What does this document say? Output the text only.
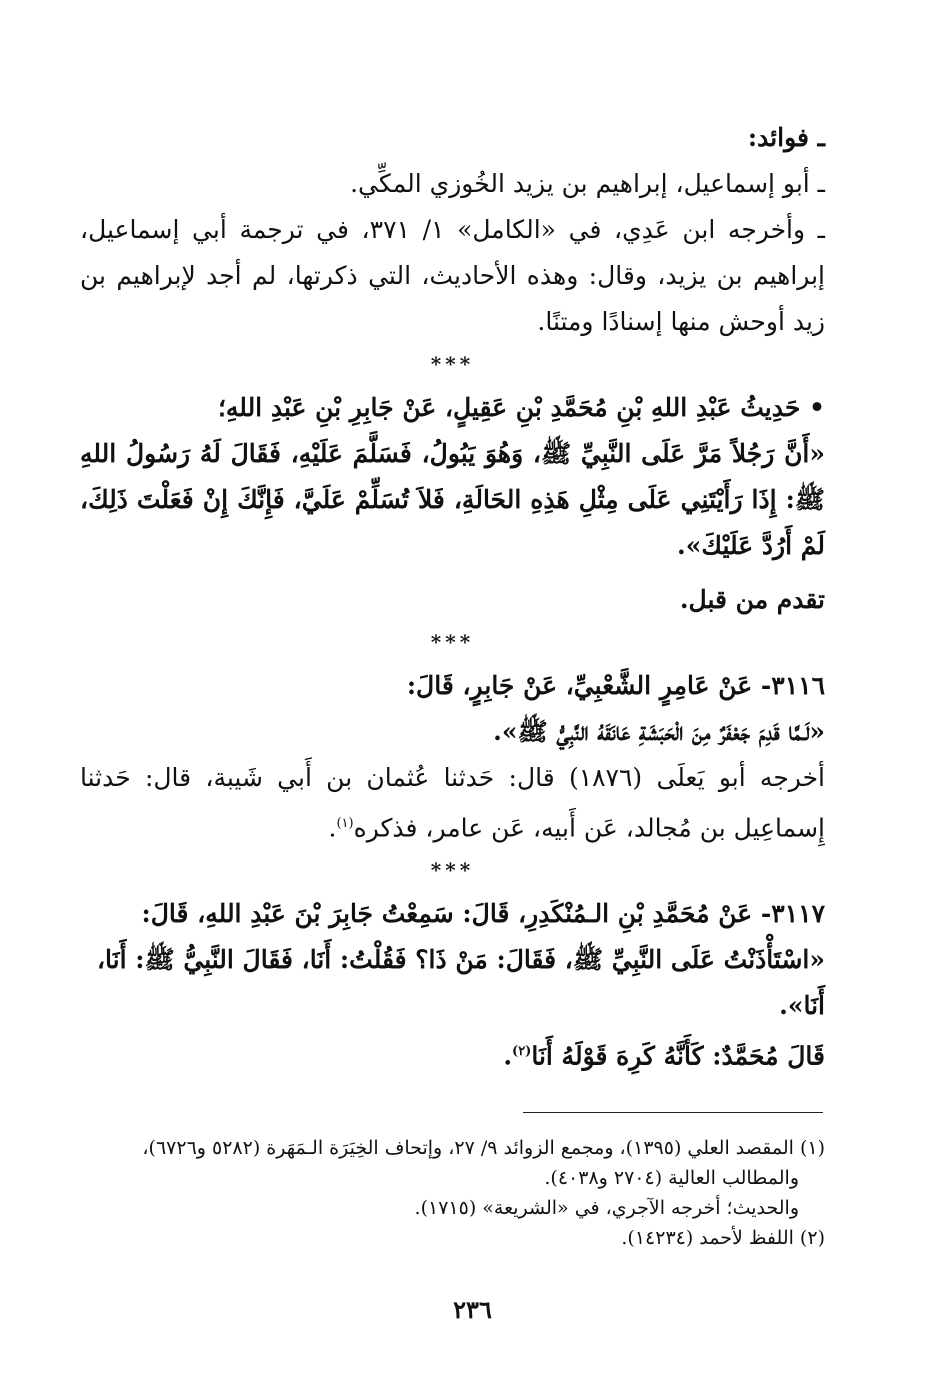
ـ فوائد:

ـ أبو إسماعيل، إبراهيم بن يزيد الخُوزي المكِّي.

ـ وأخرجه ابن عَدِي، في «الكامل» ١/ ٣٧١، في ترجمة أبي إسماعيل، إبراهيم بن يزيد، وقال: وهذه الأحاديث، التي ذكرتها، لم أجد لإبراهيم بن زيد أوحش منها إسنادًا ومتنًا.

***

• حَدِيثُ عَبْدِ اللهِ بْنِ مُحَمَّدِ بْنِ عَقِيلٍ، عَنْ جَابِرِ بْنِ عَبْدِ اللهِ؛

«أَنَّ رَجُلاً مَرَّ عَلَى النَّبِيِّ ﷺ، وَهُوَ يَبُولُ، فَسَلَّمَ عَلَيْهِ، فَقَالَ لَهُ رَسُولُ اللهِ ﷺ: إِذَا رَأَيْتَنِي عَلَى مِثْلِ هَذِهِ الحَالَةِ، فَلاَ تُسَلِّمْ عَلَيَّ، فَإِنَّكَ إِنْ فَعَلْتَ ذَلِكَ، لَمْ أَرُدَّ عَلَيْكَ».

تقدم من قبل.

***

٣١١٦- عَنْ عَامِرٍ الشَّعْبِيِّ، عَنْ جَابِرٍ، قَالَ:

«لَـمَّا قَدِمَ جَعْفَرٌ مِنَ الْحَبَشَةِ عَانَقَهُ النَّبِيُّ ﷺ».

أخرجه أبو يَعلَى (١٨٧٦) قال: حَدثنا عُثمان بن أَبي شَيبة، قال: حَدثنا إِسماعِيل بن مُجالد، عَن أَبيه، عَن عامر، فذكره$^{(١)}$.

***

٣١١٧- عَنْ مُحَمَّدِ بْنِ الـمُنْكَدِرِ، قَالَ: سَمِعْتُ جَابِرَ بْنَ عَبْدِ اللهِ، قَالَ:

«اسْتَأْذَنْتُ عَلَى النَّبِيِّ ﷺ، فَقَالَ: مَنْ ذَا؟ فَقُلْتُ: أَنَا، فَقَالَ النَّبِيُّ ﷺ: أَنَا، أَنَا».

قَالَ مُحَمَّدٌ: كَأَنَّهُ كَرِهَ قَوْلَهُ أَنَا$^{(٢)}$.

(١) المقصد العلي (١٣٩٥)، ومجمع الزوائد ٩/ ٢٧، وإتحاف الخِيَرَة الـمَهَرة (٥٢٨٢ و٦٧٢٦)،

والمطالب العالية (٢٧٠٤ و٤٠٣٨).

والحديث؛ أخرجه الآجري، في «الشريعة» (١٧١٥).

(٢) اللفظ لأحمد (١٤٢٣٤).

٢٣٦
